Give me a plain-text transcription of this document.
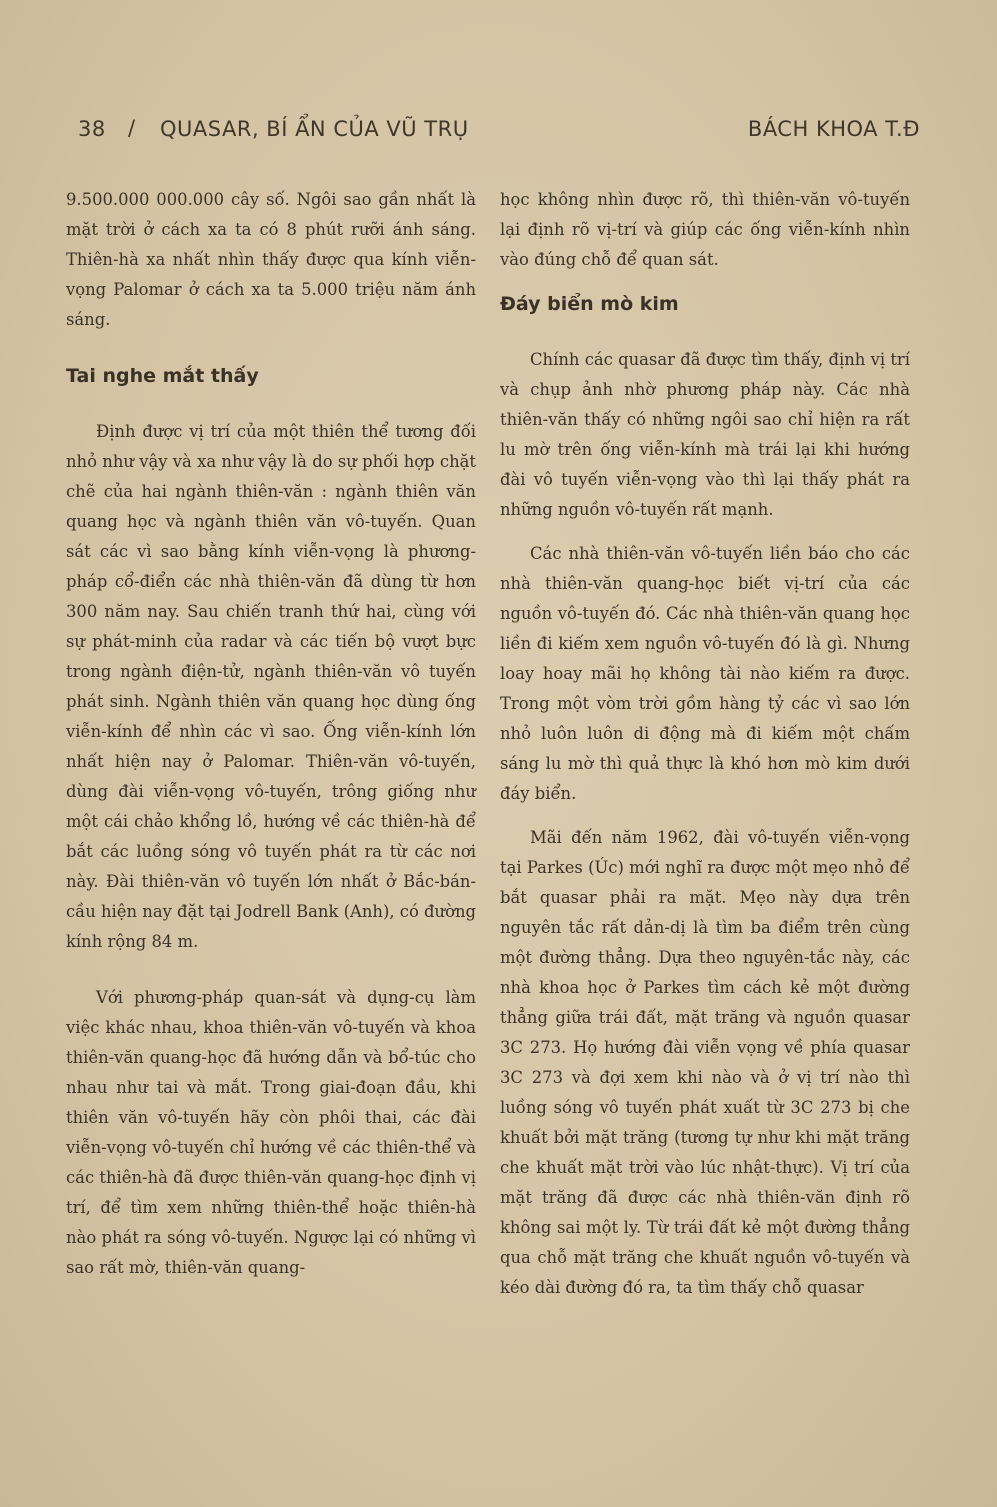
38 / QUASAR, BÍ ẨN CỦA VŨ TRỤ	BÁCH KHOA T.Đ

9.500.000 000.000 cây số. Ngôi sao gần nhất là mặt trời ở cách xa ta có 8 phút rưỡi ánh sáng. Thiên-hà xa nhất nhìn thấy được qua kính viễn-vọng Palomar ở cách xa ta 5.000 triệu năm ánh sáng.

Tai nghe mắt thấy

Định được vị trí của một thiên thể tương đối nhỏ như vậy và xa như vậy là do sự phối hợp chặt chẽ của hai ngành thiên-văn : ngành thiên văn quang học và ngành thiên văn vô-tuyến. Quan sát các vì sao bằng kính viễn-vọng là phương-pháp cổ-điển các nhà thiên-văn đã dùng từ hơn 300 năm nay. Sau chiến tranh thứ hai, cùng với sự phát-minh của radar và các tiến bộ vượt bực trong ngành điện-tử, ngành thiên-văn vô tuyến phát sinh. Ngành thiên văn quang học dùng ống viễn-kính để nhìn các vì sao. Ống viễn-kính lớn nhất hiện nay ở Palomar. Thiên-văn vô-tuyến, dùng đài viễn-vọng vô-tuyến, trông giống như một cái chảo khổng lồ, hướng về các thiên-hà để bắt các luồng sóng vô tuyến phát ra từ các nơi này. Đài thiên-văn vô tuyến lớn nhất ở Bắc-bán-cầu hiện nay đặt tại Jodrell Bank (Anh), có đường kính rộng 84 m.

Với phương-pháp quan-sát và dụng-cụ làm việc khác nhau, khoa thiên-văn vô-tuyến và khoa thiên-văn quang-học đã hướng dẫn và bổ-túc cho nhau như tai và mắt. Trong giai-đoạn đầu, khi thiên văn vô-tuyến hãy còn phôi thai, các đài viễn-vọng vô-tuyến chỉ hướng về các thiên-thể và các thiên-hà đã được thiên-văn quang-học định vị trí, để tìm xem những thiên-thể hoặc thiên-hà nào phát ra sóng vô-tuyến. Ngược lại có những vì sao rất mờ, thiên-văn quang-

học không nhìn được rõ, thì thiên-văn vô-tuyến lại định rõ vị-trí và giúp các ống viễn-kính nhìn vào đúng chỗ để quan sát.

Đáy biển mò kim

Chính các quasar đã được tìm thấy, định vị trí và chụp ảnh nhờ phương pháp này. Các nhà thiên-văn thấy có những ngôi sao chỉ hiện ra rất lu mờ trên ống viễn-kính mà trái lại khi hướng đài vô tuyến viễn-vọng vào thì lại thấy phát ra những nguồn vô-tuyến rất mạnh.

Các nhà thiên-văn vô-tuyến liền báo cho các nhà thiên-văn quang-học biết vị-trí của các nguồn vô-tuyến đó. Các nhà thiên-văn quang học liền đi kiếm xem nguồn vô-tuyến đó là gì. Nhưng loay hoay mãi họ không tài nào kiếm ra được. Trong một vòm trời gồm hàng tỷ các vì sao lớn nhỏ luôn luôn di động mà đi kiếm một chấm sáng lu mờ thì quả thực là khó hơn mò kim dưới đáy biển.

Mãi đến năm 1962, đài vô-tuyến viễn-vọng tại Parkes (Úc) mới nghĩ ra được một mẹo nhỏ để bắt quasar phải ra mặt. Mẹo này dựa trên nguyên tắc rất dản-dị là tìm ba điểm trên cùng một đường thẳng. Dựa theo nguyên-tắc này, các nhà khoa học ở Parkes tìm cách kẻ một đường thẳng giữa trái đất, mặt trăng và nguồn quasar 3C 273. Họ hướng đài viễn vọng về phía quasar 3C 273 và đợi xem khi nào và ở vị trí nào thì luồng sóng vô tuyến phát xuất từ 3C 273 bị che khuất bởi mặt trăng (tương tự như khi mặt trăng che khuất mặt trời vào lúc nhật-thực). Vị trí của mặt trăng đã được các nhà thiên-văn định rõ không sai một ly. Từ trái đất kẻ một đường thẳng qua chỗ mặt trăng che khuất nguồn vô-tuyến và kéo dài đường đó ra, ta tìm thấy chỗ quasar
